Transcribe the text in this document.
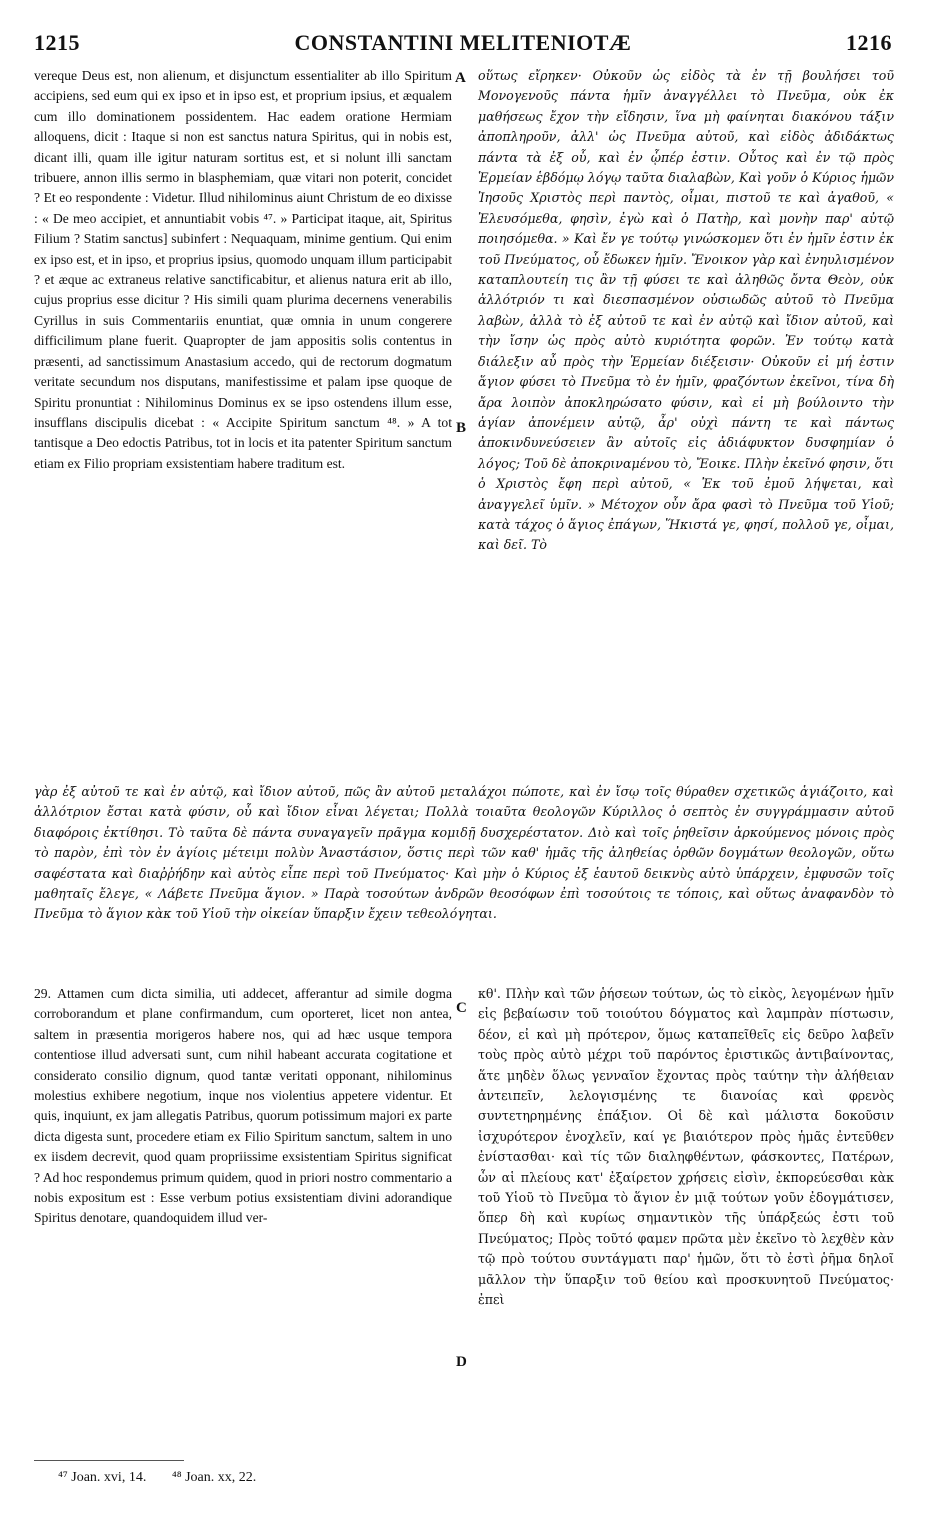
1215	CONSTANTINI MELITENIOTÆ	1216

vereque Deus est, non alienum, et disjunctum essentialiter ab illo Spiritum accipiens, sed eum qui ex ipso et in ipso est, et proprium ipsius, et æqualem cum illo dominationem possidentem. Hac eadem oratione Hermiam alloquens, dicit : Itaque si non est sanctus natura Spiritus, qui in nobis est, dicant illi, quam ille igitur naturam sortitus est, et si nolunt illi sanctam tribuere, annon illis sermo in blasphemiam, quæ vitari non poterit, concidet ? Et eo respondente : Videtur. Illud nihilominus aiunt Christum de eo dixisse : « De meo accipiet, et annuntiabit vobis ⁴⁷. » Participat itaque, ait, Spiritus Filium ? Statim sanctus] subinfert : Nequaquam, minime gentium. Qui enim ex ipso est, et in ipso, et proprius ipsius, quomodo unquam illum participabit ? et æque ac extraneus relative sanctificabitur, et alienus natura erit ab illo, cujus proprius esse dicitur ? His simili quam plurima decernens venerabilis Cyrillus in suis Commentariis enuntiat, quæ omnia in unum congerere difficilimum plane fuerit. Quapropter de jam appositis solis contentus in præsenti, ad sanctissimum Anastasium accedo, qui de rectorum dogmatum veritate secundum nos disputans, manifestissime et palam ipse quoque de Spiritu pronuntiat : Nihilominus Dominus ex se ipso ostendens illum esse, insufflans discipulis dicebat : « Accipite Spiritum sanctum ⁴⁸. » A tot tantisque a Deo edoctis Patribus, tot in locis et ita patenter Spiritum sanctum etiam ex Filio propriam exsistentiam habere traditum est.

A
B

οὕτως εἴρηκεν· Οὐκοῦν ὡς εἰδὸς τὰ ἐν τῇ βουλήσει τοῦ Μονογενοῦς πάντα ἡμῖν ἀναγγέλλει τὸ Πνεῦμα, οὐκ ἐκ μαθήσεως ἔχον τὴν εἴδησιν, ἵνα μὴ φαίνηται διακόνου τάξιν ἀποπληροῦν, ἀλλ' ὡς Πνεῦμα αὐτοῦ, καὶ εἰδὸς ἀδιδάκτως πάντα τὰ ἐξ οὗ, καὶ ἐν ᾧπέρ ἐστιν. Οὗτος καὶ ἐν τῷ πρὸς Ἑρμείαν ἑβδόμῳ λόγῳ ταῦτα διαλαβὼν, Καὶ γοῦν ὁ Κύριος ἡμῶν Ἰησοῦς Χριστὸς περὶ παντὸς, οἶμαι, πιστοῦ τε καὶ ἀγαθοῦ, « Ἐλευσόμεθα, φησὶν, ἐγὼ καὶ ὁ Πατὴρ, καὶ μονὴν παρ' αὐτῷ ποιησόμεθα. » Καὶ ἔν γε τούτῳ γινώσκομεν ὅτι ἐν ἡμῖν ἐστιν ἐκ τοῦ Πνεύματος, οὗ ἔδωκεν ἡμῖν. Ἔνοικον γὰρ καὶ ἐνηυλισμένον καταπλουτείη τις ἂν τῇ φύσει τε καὶ ἀληθῶς ὄντα Θεὸν, οὐκ ἀλλότριόν τι καὶ διεσπασμένον οὐσιωδῶς αὐτοῦ τὸ Πνεῦμα λαβὼν, ἀλλὰ τὸ ἐξ αὐτοῦ τε καὶ ἐν αὐτῷ καὶ ἴδιον αὐτοῦ, καὶ τὴν ἴσην ὡς πρὸς αὐτὸ κυριότητα φορῶν. Ἐν τούτῳ κατὰ διάλεξιν αὖ πρὸς τὴν Ἑρμείαν διέξεισιν· Οὐκοῦν εἰ μή ἐστιν ἅγιον φύσει τὸ Πνεῦμα τὸ ἐν ἡμῖν, φραζόντων ἐκεῖνοι, τίνα δὴ ἄρα λοιπὸν ἀποκληρώσατο φύσιν, καὶ εἰ μὴ βούλοιντο τὴν ἁγίαν ἀπονέμειν αὐτῷ, ἆρ' οὐχὶ πάντη τε καὶ πάντως ἀποκινδυνεύσειεν ἂν αὐτοῖς εἰς ἀδιάφυκτον δυσφημίαν ὁ λόγος; Τοῦ δὲ ἀποκριναμένου τὸ, Ἔοικε. Πλὴν ἐκεῖνό φησιν, ὅτι ὁ Χριστὸς ἔφη περὶ αὐτοῦ, « Ἐκ τοῦ ἐμοῦ λήψεται, καὶ ἀναγγελεῖ ὑμῖν. » Μέτοχον οὖν ἄρα φασὶ τὸ Πνεῦμα τοῦ Υἱοῦ; κατὰ τάχος ὁ ἅγιος ἐπάγων, Ἥκιστά γε, φησί, πολλοῦ γε, οἶμαι, καὶ δεῖ. Τὸ

γὰρ ἐξ αὐτοῦ τε καὶ ἐν αὐτῷ, καὶ ἴδιον αὐτοῦ, πῶς ἂν αὐτοῦ μεταλάχοι πώποτε, καὶ ἐν ἴσῳ τοῖς θύραθεν σχετικῶς ἁγιάζοιτο, καὶ ἀλλότριον ἔσται κατὰ φύσιν, οὗ καὶ ἴδιον εἶναι λέγεται; Πολλὰ τοιαῦτα θεολογῶν Κύριλλος ὁ σεπτὸς ἐν συγγράμμασιν αὐτοῦ διαφόροις ἐκτίθησι. Τὸ ταῦτα δὲ πάντα συναγαγεῖν πρᾶγμα κομιδῇ δυσχερέστατον. Διὸ καὶ τοῖς ῥηθεῖσιν ἀρκούμενος μόνοις πρὸς τὸ παρὸν, ἐπὶ τὸν ἐν ἁγίοις μέτειμι πολὺν Ἀναστάσιον, ὅστις περὶ τῶν καθ' ἡμᾶς τῆς ἀληθείας ὀρθῶν δογμάτων θεολογῶν, οὕτω σαφέστατα καὶ διαῤῥήδην καὶ αὐτὸς εἶπε περὶ τοῦ Πνεύματος· Καὶ μὴν ὁ Κύριος ἐξ ἑαυτοῦ δεικνὺς αὐτὸ ὑπάρχειν, ἐμφυσῶν τοῖς μαθηταῖς ἔλεγε, « Λάβετε Πνεῦμα ἅγιον. » Παρὰ τοσούτων ἀνδρῶν θεοσόφων ἐπὶ τοσούτοις τε τόποις, καὶ οὕτως ἀναφανδὸν τὸ Πνεῦμα τὸ ἅγιον κὰκ τοῦ Υἱοῦ τὴν οἰκείαν ὕπαρξιν ἔχειν τεθεολόγηται.

29. Attamen cum dicta similia, uti addecet, afferantur ad simile dogma corroborandum et plane confirmandum, cum oporteret, licet non antea, saltem in præsentia morigeros habere nos, qui ad hæc usque tempora contentiose illud adversati sunt, cum nihil habeant accurata cogitatione et considerato consilio dignum, quod tantæ veritati opponant, nihilominus molestius exhibere negotium, inque nos violentius appetere videntur. Et quis, inquiunt, ex jam allegatis Patribus, quorum potissimum majori ex parte dicta digesta sunt, procedere etiam ex Filio Spiritum sanctum, saltem in uno ex iisdem decrevit, quod quam propriissime exsistentiam Spiritus significat ? Ad hoc respondemus primum quidem, quod in priori nostro commentario a nobis expositum est : Esse verbum potius exsistentiam divini adorandique Spiritus denotare, quandoquidem illud ver-

C
D

κθ'. Πλὴν καὶ τῶν ῥήσεων τούτων, ὡς τὸ εἰκὸς, λεγομένων ἡμῖν εἰς βεβαίωσιν τοῦ τοιούτου δόγματος καὶ λαμπρὰν πίστωσιν, δέον, εἰ καὶ μὴ πρότερον, ὅμως καταπεῖθεῖς εἰς δεῦρο λαβεῖν τοὺς πρὸς αὐτὸ μέχρι τοῦ παρόντος ἐριστικῶς ἀντιβαίνοντας, ἅτε μηδὲν ὅλως γενναῖον ἔχοντας πρὸς ταύτην τὴν ἀλήθειαν ἀντειπεῖν, λελογισμένης τε διανοίας καὶ φρενὸς συντετηρημένης ἐπάξιον. Οἱ δὲ καὶ μάλιστα δοκοῦσιν ἰσχυρότερον ἐνοχλεῖν, καί γε βιαιότερον πρὸς ἡμᾶς ἐντεῦθεν ἐνίστασθαι· καὶ τίς τῶν διαληφθέντων, φάσκοντες, Πατέρων, ὧν αἱ πλείους κατ' ἐξαίρετον χρήσεις εἰσὶν, ἐκπορεύεσθαι κὰκ τοῦ Υἱοῦ τὸ Πνεῦμα τὸ ἅγιον ἐν μιᾷ τούτων γοῦν ἐδογμάτισεν, ὅπερ δὴ καὶ κυρίως σημαντικὸν τῆς ὑπάρξεώς ἐστι τοῦ Πνεύματος; Πρὸς τοῦτό φαμεν πρῶτα μὲν ἐκεῖνο τὸ λεχθὲν κὰν τῷ πρὸ τούτου συντάγματι παρ' ἡμῶν, ὅτι τὸ ἐστὶ ῥῆμα δηλοῖ μᾶλλον τὴν ὕπαρξιν τοῦ θείου καὶ προσκυνητοῦ Πνεύματος· ἐπεὶ

⁴⁷ Joan. xvi, 14. ⁴⁸ Joan. xx, 22.
